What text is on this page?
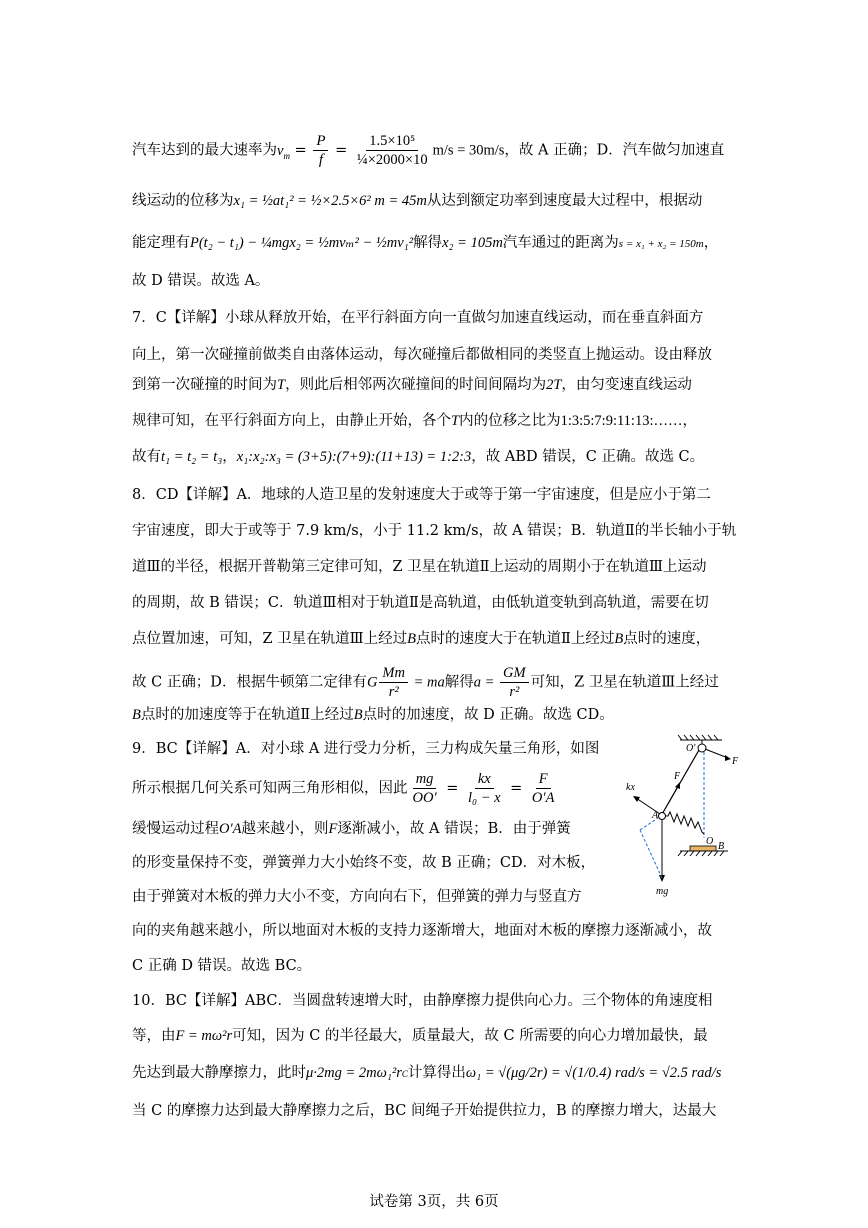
汽车达到的最大速率为$v_m = \frac{P}{f} = \frac{\text{1.5×10⁵}}{\text{¼×2000×10}} m/s = 30m/s$，故 A 正确；D．汽车做匀加速直
线运动的位移为x₁ = ½at₁² = ½×2.5×6² m = 45m从达到额定功率到速度最大过程中，根据动
能定理有P(t₂ − t₁) − ¼mgx₂ = ½mvₘ² − ½mv₁²解得x₂ = 105m汽车通过的距离为s = x₁ + x₂ = 150m，
故 D 错误。故选 A。
7．C【详解】小球从释放开始，在平行斜面方向一直做匀加速直线运动，而在垂直斜面方
向上，第一次碰撞前做类自由落体运动，每次碰撞后都做相同的类竖直上抛运动。设由释放
到第一次碰撞的时间为T，则此后相邻两次碰撞间的时间间隔均为2T，由匀变速直线运动
规律可知，在平行斜面方向上，由静止开始，各个T内的位移之比为1:3:5:7:9:11:13:……，
故有t₁ = t₂ = t₃，x₁:x₂:x₃ = (3+5):(7+9):(11+13) = 1:2:3，故 ABD 错误，C 正确。故选 C。
8．CD【详解】A．地球的人造卫星的发射速度大于或等于第一宇宙速度，但是应小于第二
宇宙速度，即大于或等于 7.9 km/s，小于 11.2 km/s，故 A 错误；B．轨道Ⅱ的半长轴小于轨
道Ⅲ的半径，根据开普勒第三定律可知，Z 卫星在轨道Ⅱ上运动的周期小于在轨道Ⅲ上运动
的周期，故 B 错误；C．轨道Ⅲ相对于轨道Ⅱ是高轨道，由低轨道变轨到高轨道，需要在切
点位置加速，可知，Z 卫星在轨道Ⅲ上经过B点时的速度大于在轨道Ⅱ上经过B点时的速度，
故 C 正确；D．根据牛顿第二定律有G $\frac{Mm}{\text{r²}}$ = ma解得$a = \frac{GM}{\text{r²}}$ 可知，Z 卫星在轨道Ⅲ上经过
B点时的加速度等于在轨道Ⅱ上经过B点时的加速度，故 D 正确。故选 CD。
9．BC【详解】A．对小球 A 进行受力分析，三力构成矢量三角形，如图
所示根据几何关系可知两三角形相似，因此 $\frac{mg}{OO'} = \frac{kx}{\text{l₀ − x}} = \frac{F}{O'A}$
缓慢运动过程O′A越来越小，则F逐渐减小，故 A 错误；B．由于弹簧
的形变量保持不变，弹簧弹力大小始终不变，故 B 正确；CD．对木板，
由于弹簧对木板的弹力大小不变，方向向右下，但弹簧的弹力与竖直方
向的夹角越来越小，所以地面对木板的支持力逐渐增大，地面对木板的摩擦力逐渐减小，故
C 正确 D 错误。故选 BC。
10．BC【详解】ABC．当圆盘转速增大时，由静摩擦力提供向心力。三个物体的角速度相
等，由F = mω²r可知，因为 C 的半径最大，质量最大，故 C 所需要的向心力增加最快，最
先达到最大静摩擦力，此时μ·2mg = 2mω₁²rC计算得出ω₁ = √(μg/2r) = √(1/0.4) rad/s = √2.5 rad/s
当 C 的摩擦力达到最大静摩擦力之后，BC 间绳子开始提供拉力，B 的摩擦力增大，达最大
O′
F
F
kx
A
O B
mg
试卷第 3页，共 6页
